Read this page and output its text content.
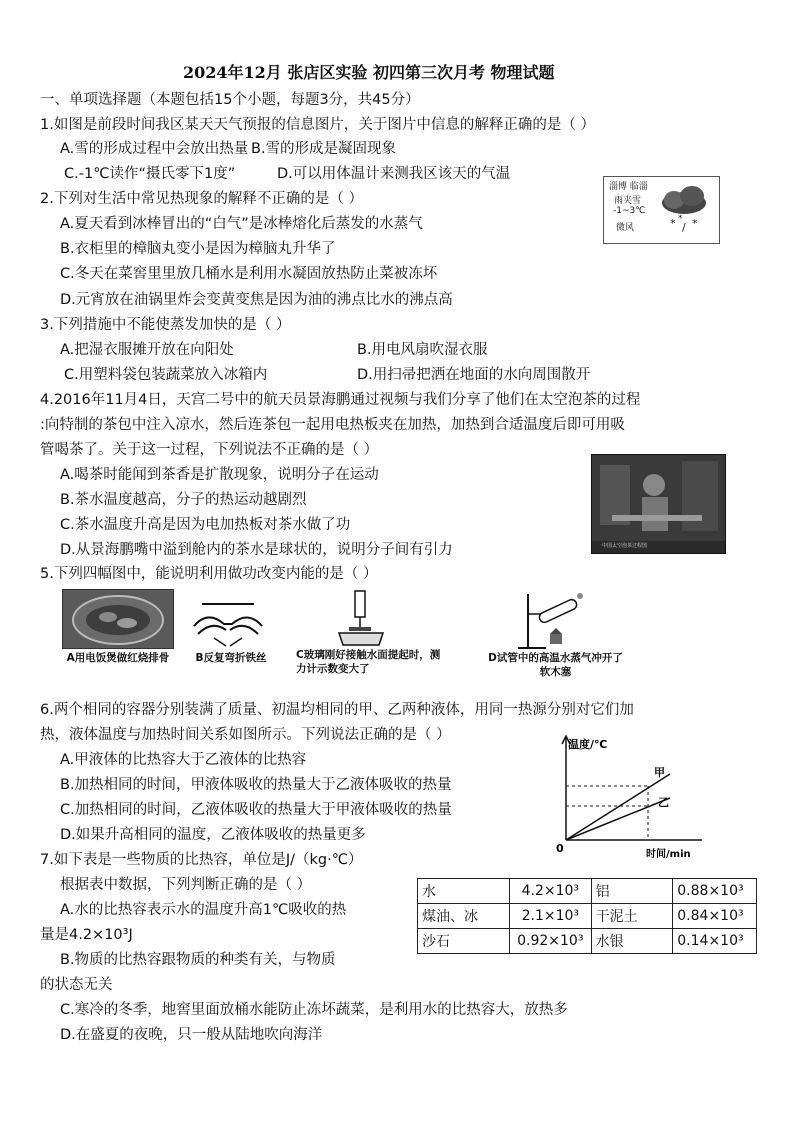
2024年12月 张店区实验 初四第三次月考 物理试题
一、单项选择题（本题包括15个小题，每题3分，共45分）
1.如图是前段时间我区某天天气预报的信息图片，关于图片中信息的解释正确的是（ ）
A.雪的形成过程中会放出热量 B.雪的形成是凝固现象
C.-1℃读作“摄氏零下1度”	D.可以用体温计来测我区该天的气温
淄博 临淄
雨夹雪
-1~3℃
微风	* / *
*
2.下列对生活中常见热现象的解释不正确的是（ ）
A.夏天看到冰棒冒出的“白气”是冰棒熔化后蒸发的水蒸气
B.衣柜里的樟脑丸变小是因为樟脑丸升华了
C.冬天在菜窖里里放几桶水是利用水凝固放热防止菜被冻坏
D.元宵放在油锅里炸会变黄变焦是因为油的沸点比水的沸点高
3.下列措施中不能使蒸发加快的是（ ）
A.把湿衣服摊开放在向阳处	B.用电风扇吹湿衣服
C.用塑料袋包装蔬菜放入冰箱内	D.用扫帚把洒在地面的水向周围散开
4.2016年11月4日，天宫二号中的航天员景海鹏通过视频与我们分享了他们在太空泡茶的过程
:向特制的茶包中注入凉水，然后连茶包一起用电热板夹在加热，加热到合适温度后即可用吸
管喝茶了。关于这一过程，下列说法不正确的是（ ）
A.喝茶时能闻到茶香是扩散现象，说明分子在运动
B.茶水温度越高，分子的热运动越剧烈
C.茶水温度升高是因为电加热板对茶水做了功
D.从景海鹏嘴中溢到舱内的茶水是球状的，说明分子间有引力	中国太空泡茶过程图
5.下列四幅图中，能说明利用做功改变内能的是（ ）
A用电饭煲做红烧排骨	B反复弯折铁丝	C玻璃刚好接触水面提起时，测力计示数变大了
D试管中的高温水蒸气冲开了软木塞
6.两个相同的容器分别装满了质量、初温均相同的甲、乙两种液体，用同一热源分别对它们加
热，液体温度与加热时间关系如图所示。下列说法正确的是（ ）
A.甲液体的比热容大于乙液体的比热容
B.加热相同的时间，甲液体吸收的热量大于乙液体吸收的热量
C.加热相同的时间，乙液体吸收的热量大于甲液体吸收的热量
D.如果升高相同的温度，乙液体吸收的热量更多
温度/℃
时间/min
0
甲
乙
7.如下表是一些物质的比热容，单位是J/（kg·℃）
根据表中数据，下列判断正确的是（ ）
A.水的比热容表示水的温度升高1℃吸收的热
量是4.2×10³J
B.物质的比热容跟物质的种类有关，与物质
的状态无关
C.寒冷的冬季，地窖里面放桶水能防止冻坏蔬菜，是利用水的比热容大，放热多
D.在盛夏的夜晚，只一般从陆地吹向海洋
水	4.2×10³	铝	0.88×10³
煤油、冰	2.1×10³	干泥土	0.84×10³
沙石	0.92×10³	水银	0.14×10³
